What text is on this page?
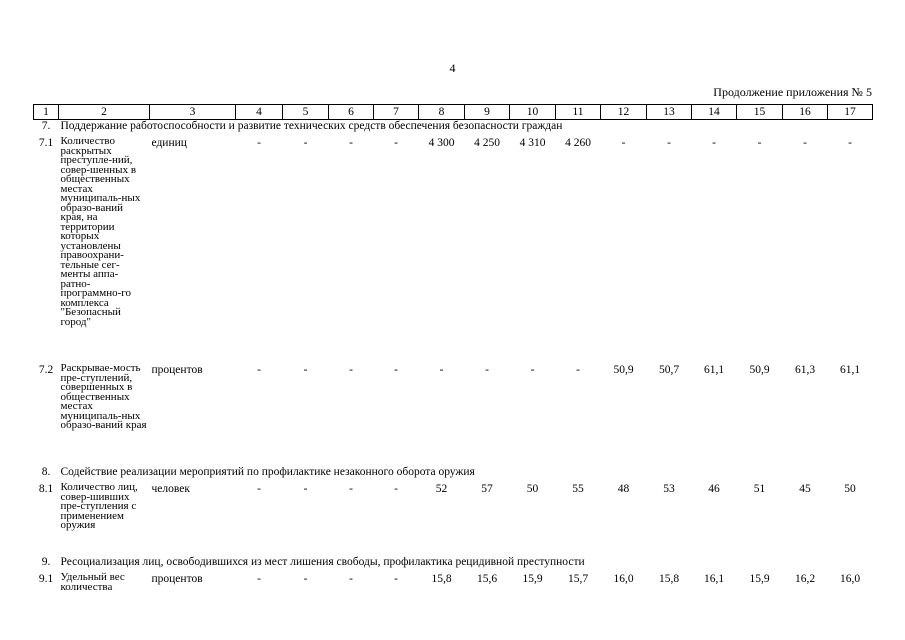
4
Продолжение приложения № 5
1	2	3	4	5	6	7	8	9	10	11	12	13	14	15	16	17
7.	Поддержание работоспособности и развитие технических средств обеспечения безопасности граждан															
7.1	Количество раскрытых преступле-ний, совер-шенных в общественных местах муниципаль-ных образо-ваний края, на территории которых установлены правоохрани-тельные сег-менты аппа-ратно-программно-го комплекса "Безопасный город"	единиц	-	-	-	-	4 300	4 250	4 310	4 260	-	-	-	-	-	-
7.2	Раскрывае-мость пре-ступлений, совершенных в общественных местах муниципаль-ных образо-ваний края	процентов	-	-	-	-	-	-	-	-	50,9	50,7	61,1	50,9	61,3	61,1
8.	Содействие реализации мероприятий по профилактике незаконного оборота оружия															
8.1	Количество лиц, совер-шивших пре-ступления с применением оружия	человек	-	-	-	-	52	57	50	55	48	53	46	51	45	50
9.	Ресоциализация лиц, освободившихся из мест лишения свободы, профилактика рецидивной преступности															
9.1	Удельный вес количества	процентов	-	-	-	-	15,8	15,6	15,9	15,7	16,0	15,8	16,1	15,9	16,2	16,0
